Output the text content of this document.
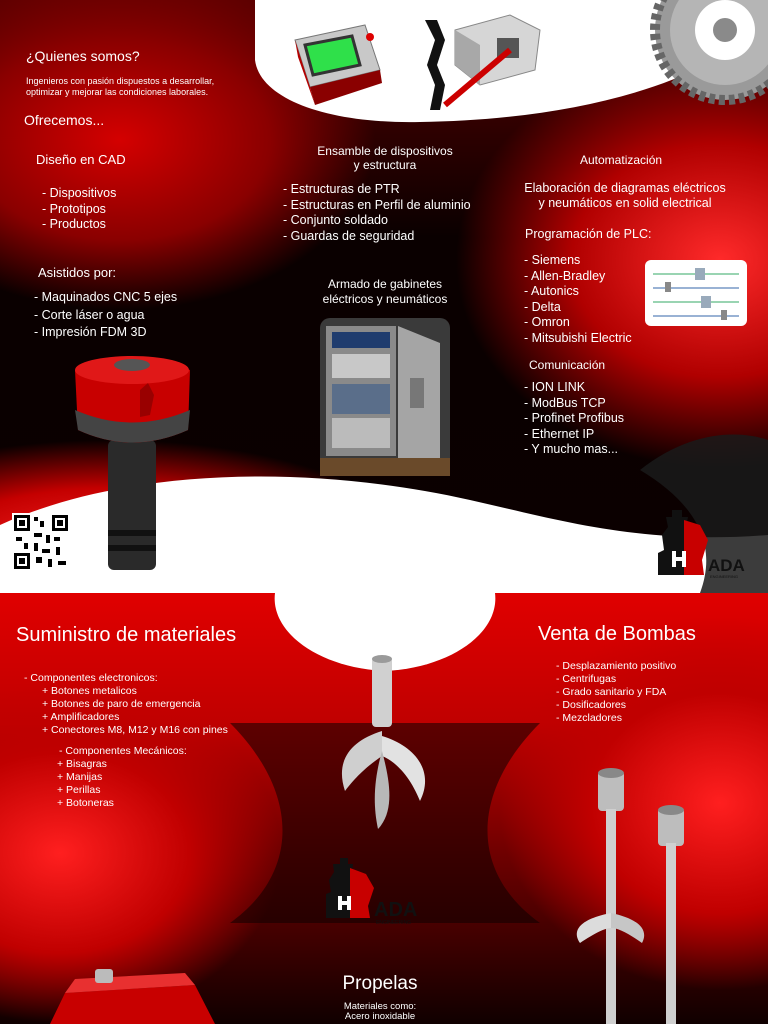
¿Quienes somos?
Ingenieros con pasión dispuestos a desarrollar,
optimizar y mejorar las condiciones laborales.
Ofrecemos...
Diseño en CAD
- Dispositivos
- Prototipos
- Productos
Asistidos por:
- Maquinados CNC 5 ejes
- Corte láser o agua
- Impresión FDM 3D
www.hadaengineering.mx
Ensamble de dispositivos
y estructura
- Estructuras de PTR
- Estructuras en Perfil de aluminio
- Conjunto soldado
- Guardas de seguridad
Armado de gabinetes
eléctricos y neumáticos
Automatización
Elaboración de diagramas eléctricos
y neumáticos en solid electrical
Programación de PLC:
- Siemens
- Allen-Bradley
- Autonics
- Delta
- Omron
- Mitsubishi Electric
Comunicación
- ION LINK
- ModBus TCP
- Profinet Profibus
- Ethernet IP
- Y mucho mas...
ADA
ENGINEERING
Suministro de materiales
- Componentes electronicos:
+ Botones metalicos
+ Botones de paro de emergencia
+ Amplificadores
+ Conectores M8, M12 y M16 con pines
- Componentes Mecánicos:
+ Bisagras
+ Manijas
+ Perillas
+ Botoneras
ADA
ENGINEERING
Propelas
Materiales como:
Acero inoxidable
Venta de Bombas
- Desplazamiento positivo
- Centrifugas
- Grado sanitario y FDA
- Dosificadores
- Mezcladores
